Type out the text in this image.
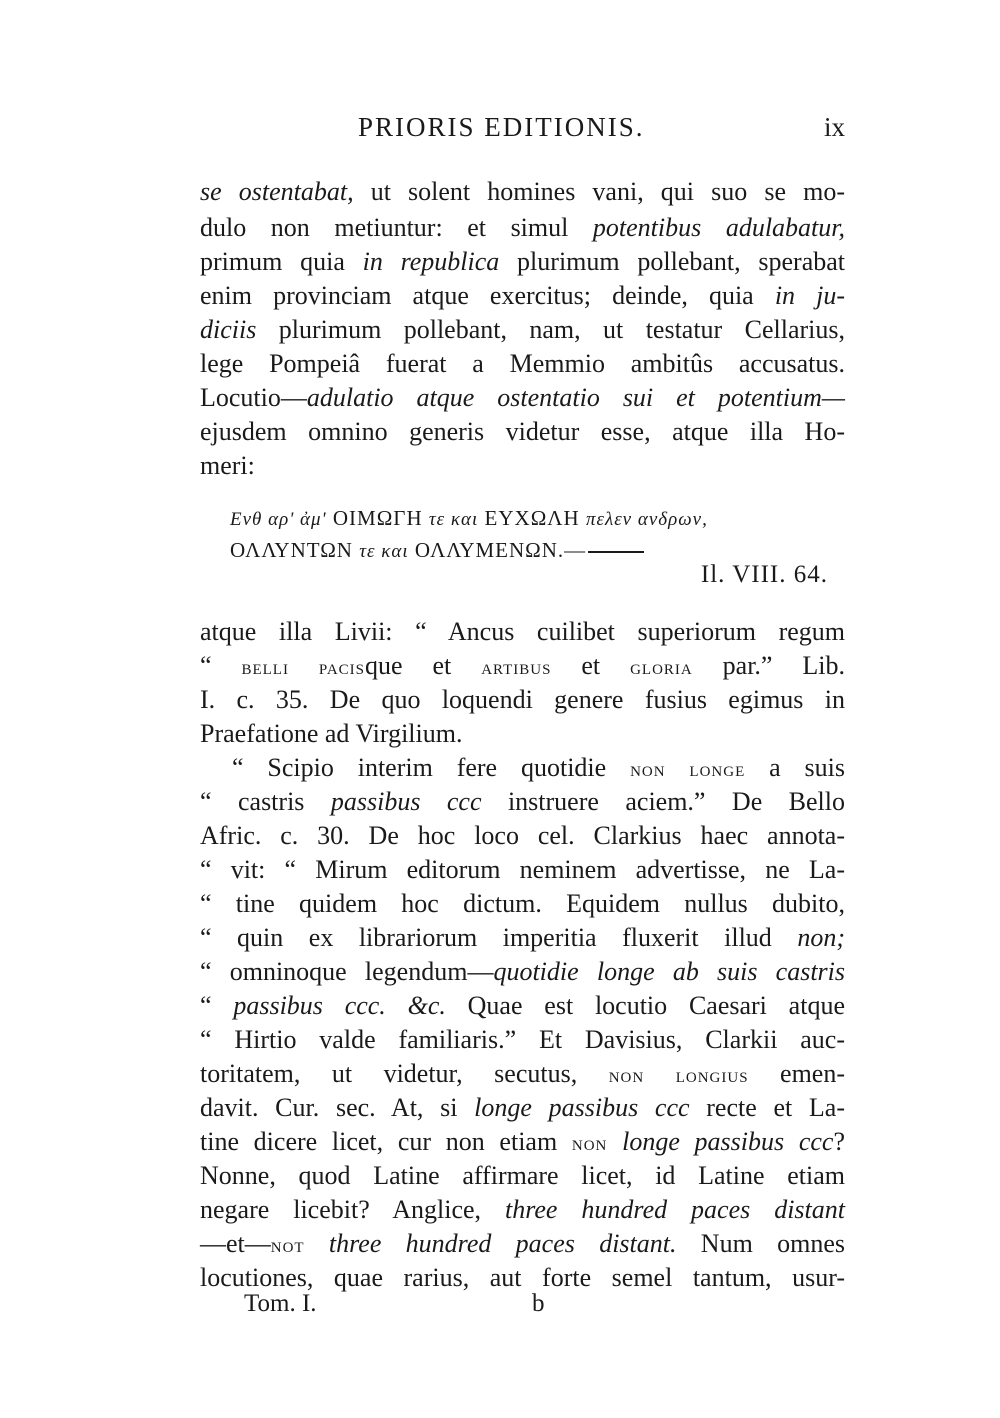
PRIORIS EDITIONIS.	ix
se ostentabat, ut solent homines vani, qui suo se mo-
dulo non metiuntur: et simul potentibus adulabatur,
primum quia in republica plurimum pollebant, sperabat
enim provinciam atque exercitus; deinde, quia in ju-
diciis plurimum pollebant, nam, ut testatur Cellarius,
lege Pompeiâ fuerat a Memmio ambitûs accusatus.
Locutio—adulatio atque ostentatio sui et potentium—
ejusdem omnino generis videtur esse, atque illa Ho-
meri:
Ενθ αρ' ἀμ' ΟΙΜΩΓΗ τε και ΕΥΧΩΛΗ πελεν ανδρων,
ΟΛΛΥΝΤΩΝ τε και ΟΛΛΥΜΕΝΩΝ.—
Il. VIII. 64.
atque illa Livii: “ Ancus cuilibet superiorum regum
“ belli pacisque et artibus et gloria par.” Lib.
I. c. 35. De quo loquendi genere fusius egimus in
Praefatione ad Virgilium.
“ Scipio interim fere quotidie non longe a suis
“ castris passibus ccc instruere aciem.” De Bello
Afric. c. 30. De hoc loco cel. Clarkius haec annota-
“ vit: “ Mirum editorum neminem advertisse, ne La-
“ tine quidem hoc dictum. Equidem nullus dubito,
“ quin ex librariorum imperitia fluxerit illud non;
“ omninoque legendum—quotidie longe ab suis castris
“ passibus ccc. &c. Quae est locutio Caesari atque
“ Hirtio valde familiaris.” Et Davisius, Clarkii auc-
toritatem, ut videtur, secutus, non longius emen-
davit. Cur. sec. At, si longe passibus ccc recte et La-
tine dicere licet, cur non etiam non longe passibus ccc?
Nonne, quod Latine affirmare licet, id Latine etiam
negare licebit? Anglice, three hundred paces distant
—et—not three hundred paces distant. Num omnes
locutiones, quae rarius, aut forte semel tantum, usur-
Tom. I.	b
